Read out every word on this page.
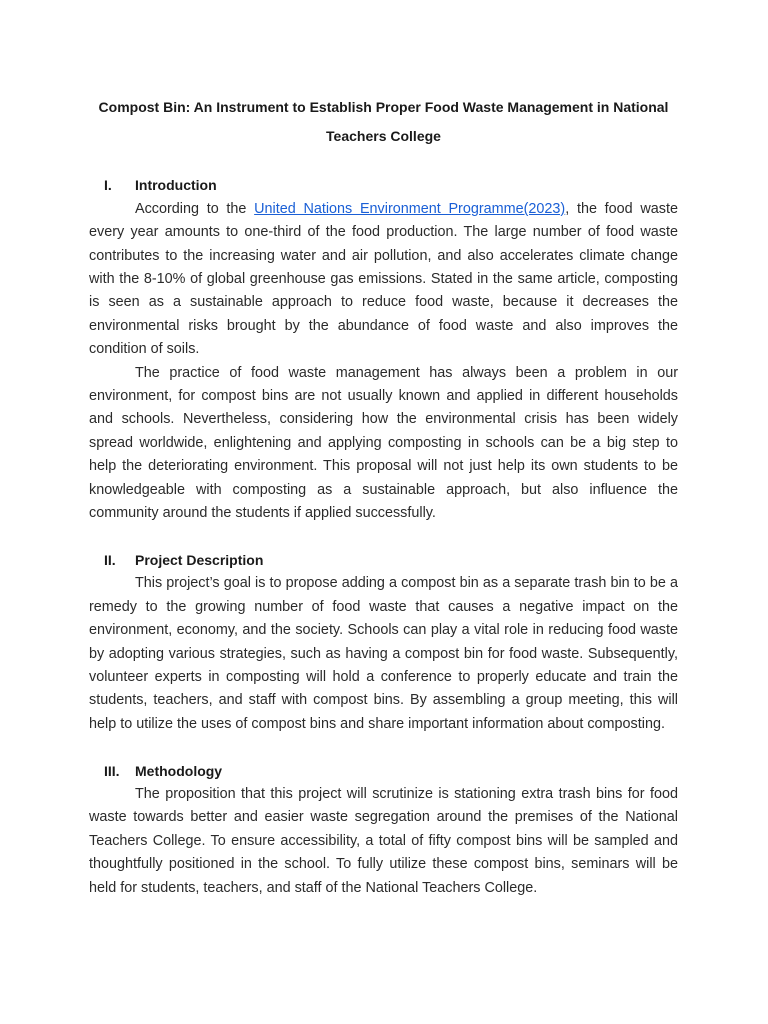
Compost Bin: An Instrument to Establish Proper Food Waste Management in National
Teachers College
I.	Introduction

According to the United Nations Environment Programme(2023), the food waste every year amounts to one-third of the food production. The large number of food waste contributes to the increasing water and air pollution, and also accelerates climate change with the 8-10% of global greenhouse gas emissions. Stated in the same article, composting is seen as a sustainable approach to reduce food waste, because it decreases the environmental risks brought by the abundance of food waste and also improves the condition of soils.

The practice of food waste management has always been a problem in our environment, for compost bins are not usually known and applied in different households and schools. Nevertheless, considering how the environmental crisis has been widely spread worldwide, enlightening and applying composting in schools can be a big step to help the deteriorating environment. This proposal will not just help its own students to be knowledgeable with composting as a sustainable approach, but also influence the community around the students if applied successfully.

II.	Project Description

This project’s goal is to propose adding a compost bin as a separate trash bin to be a remedy to the growing number of food waste that causes a negative impact on the environment, economy, and the society. Schools can play a vital role in reducing food waste by adopting various strategies, such as having a compost bin for food waste. Subsequently, volunteer experts in composting will hold a conference to properly educate and train the students, teachers, and staff with compost bins. By assembling a group meeting, this will help to utilize the uses of compost bins and share important information about composting.

III.	Methodology

The proposition that this project will scrutinize is stationing extra trash bins for food waste towards better and easier waste segregation around the premises of the National Teachers College. To ensure accessibility, a total of fifty compost bins will be sampled and thoughtfully positioned in the school. To fully utilize these compost bins, seminars will be held for students, teachers, and staff of the National Teachers College.
